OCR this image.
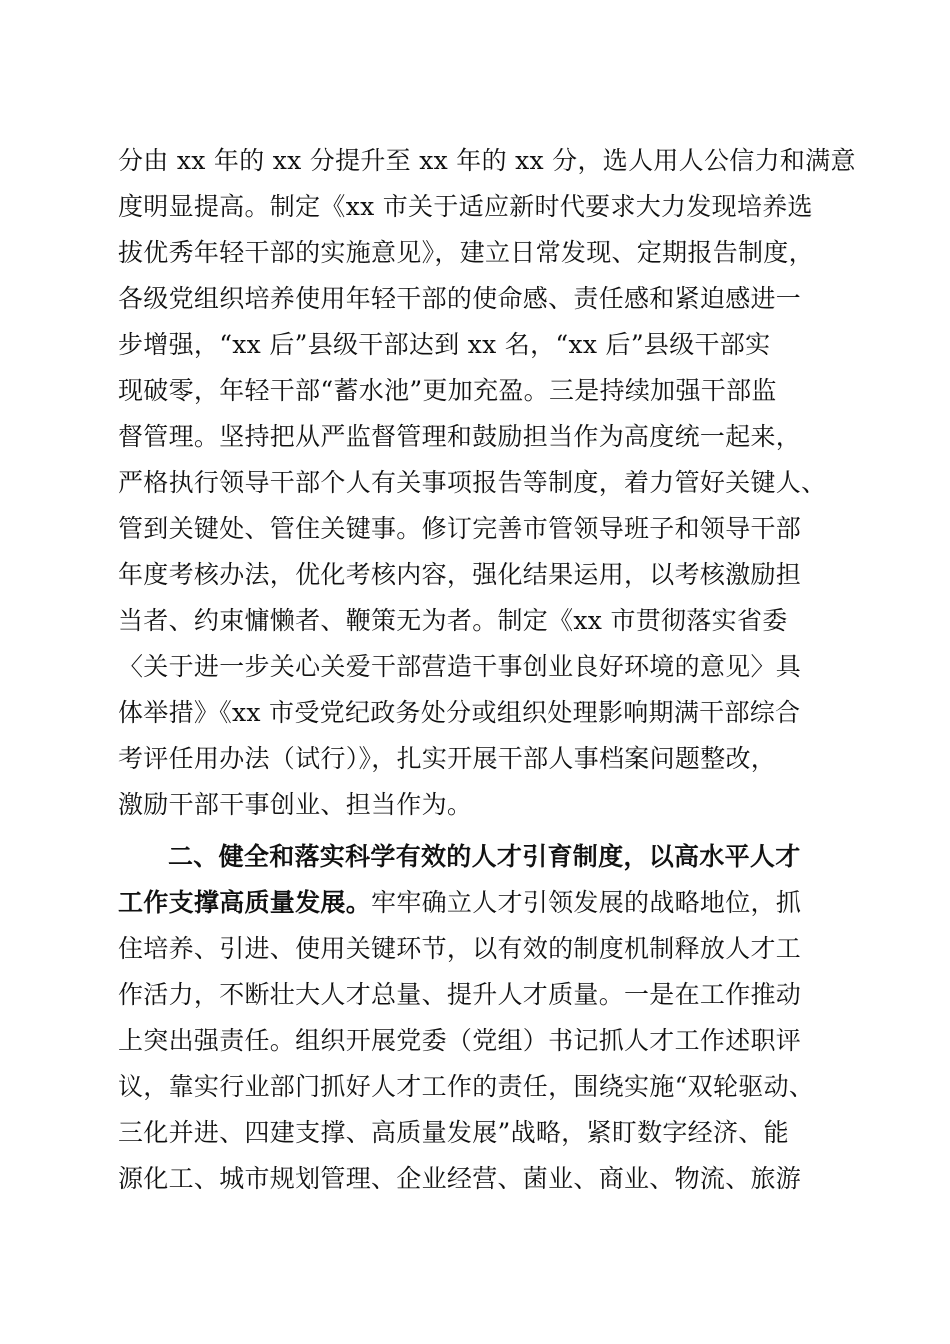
分由 xx 年的 xx 分提升至 xx 年的 xx 分，选人用人公信力和满意
度明显提高。制定《xx 市关于适应新时代要求大力发现培养选
拔优秀年轻干部的实施意见》，建立日常发现、定期报告制度，
各级党组织培养使用年轻干部的使命感、责任感和紧迫感进一
步增强，“xx 后”县级干部达到 xx 名，“xx 后”县级干部实
现破零，年轻干部“蓄水池”更加充盈。三是持续加强干部监
督管理。坚持把从严监督管理和鼓励担当作为高度统一起来，
严格执行领导干部个人有关事项报告等制度，着力管好关键人、
管到关键处、管住关键事。修订完善市管领导班子和领导干部
年度考核办法，优化考核内容，强化结果运用，以考核激励担
当者、约束慵懒者、鞭策无为者。制定《xx 市贯彻落实省委
〈关于进一步关心关爱干部营造干事创业良好环境的意见〉具
体举措》《xx 市受党纪政务处分或组织处理影响期满干部综合
考评任用办法（试行）》，扎实开展干部人事档案问题整改，
激励干部干事创业、担当作为。
二、健全和落实科学有效的人才引育制度，以高水平人才
工作支撑高质量发展。牢牢确立人才引领发展的战略地位，抓
住培养、引进、使用关键环节，以有效的制度机制释放人才工
作活力，不断壮大人才总量、提升人才质量。一是在工作推动
上突出强责任。组织开展党委（党组）书记抓人才工作述职评
议，靠实行业部门抓好人才工作的责任，围绕实施“双轮驱动、
三化并进、四建支撑、高质量发展”战略，紧盯数字经济、能
源化工、城市规划管理、企业经营、菌业、商业、物流、旅游
